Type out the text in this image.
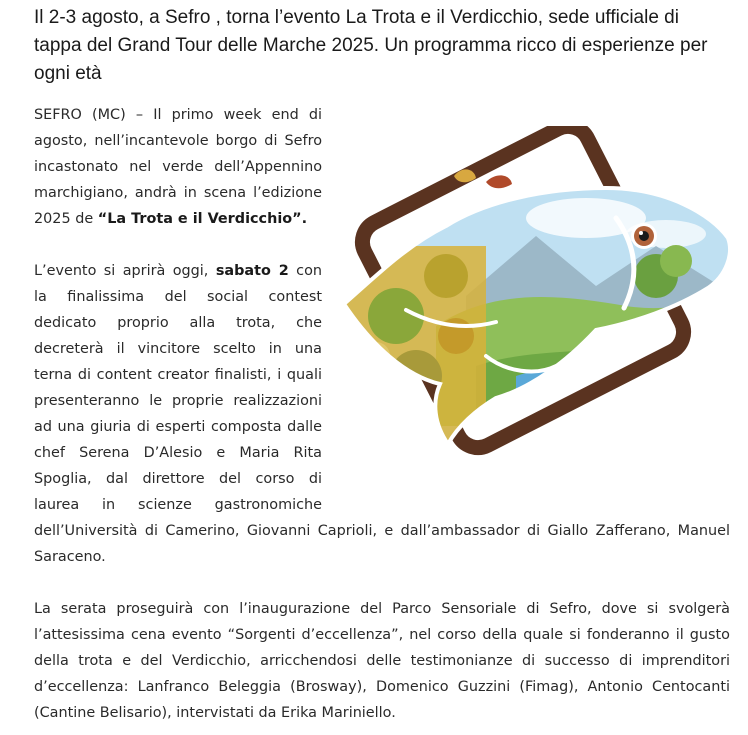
Il 2-3 agosto, a Sefro , torna l’evento La Trota e il Verdicchio, sede ufficiale di tappa del Grand Tour delle Marche 2025. Un programma ricco di esperienze per ogni età

SEFRO (MC) – Il primo week end di agosto, nell’incantevole borgo di Sefro incastonato nel verde dell’Appennino marchigiano, andrà in scena l’edizione 2025 de “La Trota e il Verdicchio”.

L’evento si aprirà oggi, sabato 2 con la finalissima del social contest dedicato proprio alla trota, che decreterà il vincitore scelto in una terna di content creator finalisti, i quali presenteranno le proprie realizzazioni ad una giuria di esperti composta dalle chef Serena D’Alesio e Maria Rita Spoglia, dal direttore del corso di laurea in scienze gastronomiche dell’Università di Camerino, Giovanni Caprioli, e dall’ambassador di Giallo Zafferano, Manuel Saraceno.

La serata proseguirà con l’inaugurazione del Parco Sensoriale di Sefro, dove si svolgerà l’attesissima cena evento “Sorgenti d’eccellenza”, nel corso della quale si fonderanno il gusto della trota e del Verdicchio, arricchendosi delle testimonianze di successo di imprenditori d’eccellenza: Lanfranco Beleggia (Brosway), Domenico Guzzini (Fimag), Antonio Centocanti (Cantine Belisario), intervistati da Erika Mariniello.
